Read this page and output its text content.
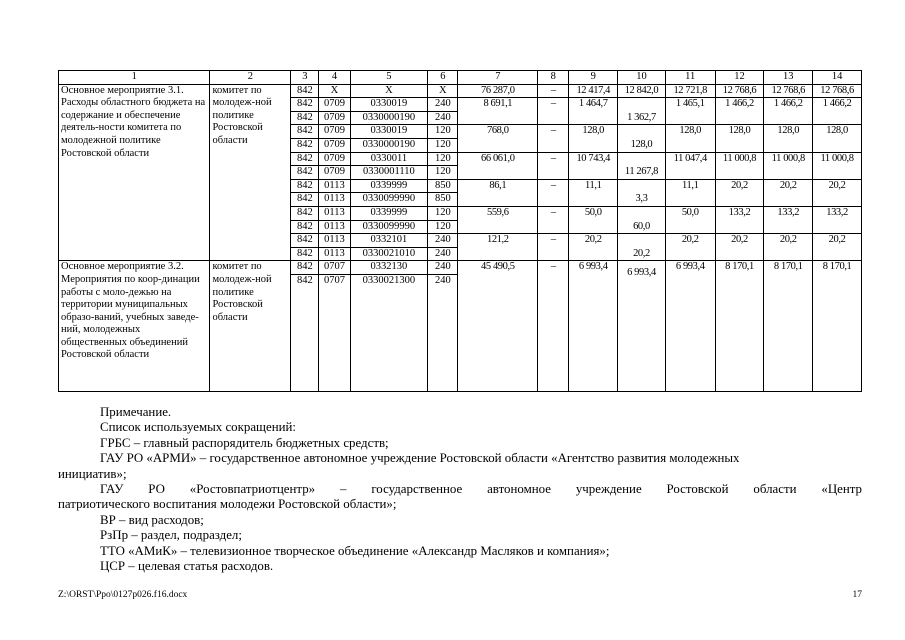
1	2	3	4	5	6	7	8	9	10	11	12	13	14
Основное мероприятие 3.1. Расходы областного бюджета на содержание и обеспечение деятель-ности комитета по молодежной политике Ростовской области	комитет по молодеж-ной политике Ростовской области	842	X	X	X	76 287,0	–	12 417,4	12 842,0	12 721,8	12 768,6	12 768,6	12 768,6
		842	0709	0330019	240	8 691,1	–	1 464,7	1 362,7	1 465,1	1 466,2	1 466,2	1 466,2
		842	0709	0330000190	240								
		842	0709	0330019	120	768,0	–	128,0	128,0	128,0	128,0	128,0	128,0
		842	0709	0330000190	120								
		842	0709	0330011	120	66 061,0	–	10 743,4	11 267,8	11 047,4	11 000,8	11 000,8	11 000,8
		842	0709	0330001110	120								
		842	0113	0339999	850	86,1	–	11,1	3,3	11,1	20,2	20,2	20,2
		842	0113	0330099990	850								
		842	0113	0339999	120	559,6	–	50,0	60,0	50,0	133,2	133,2	133,2
		842	0113	0330099990	120								
		842	0113	0332101	240	121,2	–	20,2	20,2	20,2	20,2	20,2	20,2
		842	0113	0330021010	240								
Основное мероприятие 3.2. Мероприятия по коор-динации работы с моло-дежью на территории муниципальных образо-ваний, учебных заведе-ний, молодежных общественных объединений Ростовской области	комитет по молодеж-ной политике Ростовской области	842	0707	0332130	240	45 490,5	–	6 993,4	6 993,4	6 993,4	8 170,1	8 170,1	8 170,1
		842	0707	0330021300	240								

Примечание.

Список используемых сокращений:

ГРБС – главный распорядитель бюджетных средств;

ГАУ РО «АРМИ» – государственное автономное учреждение Ростовской области «Агентство развития молодежных

инициатив»;

ГАУ РО «Ростовпатриотцентр» – государственное автономное учреждение Ростовской области «Центр

патриотического воспитания молодежи Ростовской области»;

ВР – вид расходов;

РзПр – раздел, подраздел;

ТТО «АМиК» – телевизионное творческое объединение «Александр Масляков и компания»;

ЦСР – целевая статья расходов.

Z:\ORST\Ppo\0127p026.f16.docx	17
